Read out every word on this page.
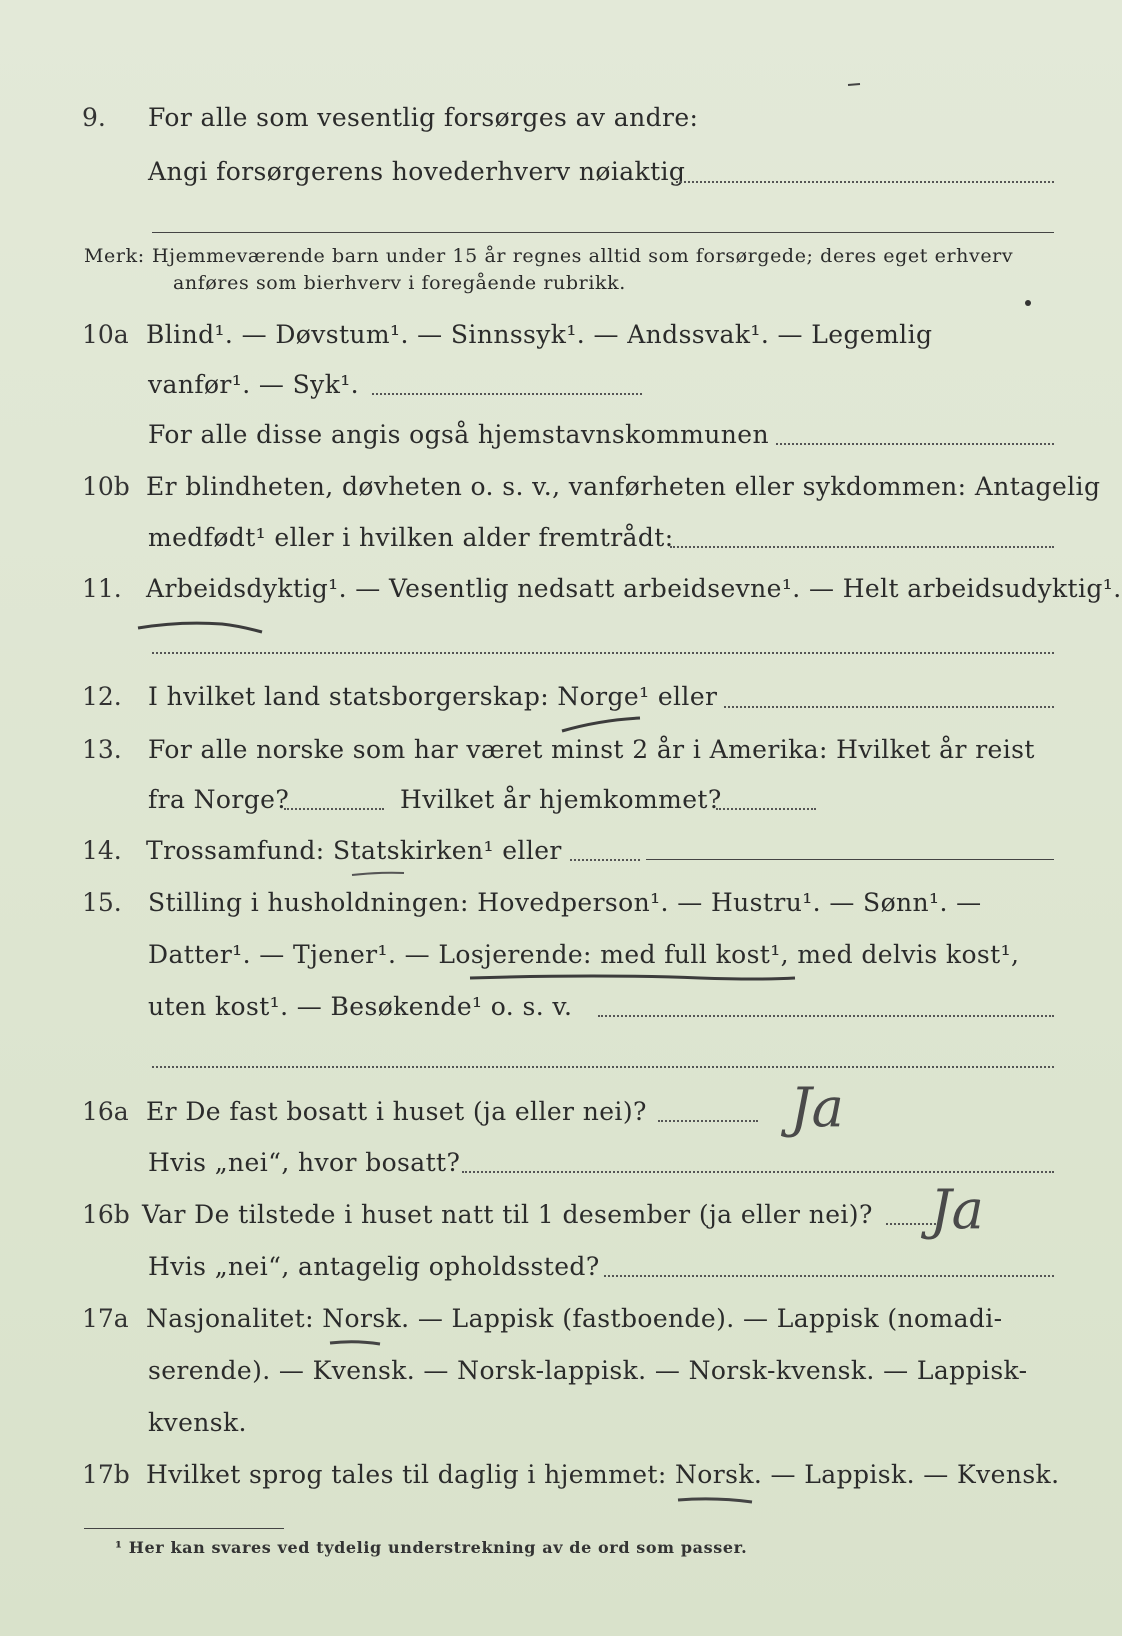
9. For alle som vesentlig forsørges av andre:
Angi forsørgerens hovederhverv nøiaktig
Merk: Hjemmeværende barn under 15 år regnes alltid som forsørgede; deres eget erhverv
anføres som bierhverv i foregående rubrikk.
10a Blind¹. — Døvstum¹. — Sinnssyk¹. — Andssvak¹. — Legemlig
vanfør¹. — Syk¹.
For alle disse angis også hjemstavnskommunen
10b Er blindheten, døvheten o. s. v., vanførheten eller sykdommen: Antagelig
medfødt¹ eller i hvilken alder fremtrådt:
11. Arbeidsdyktig¹. — Vesentlig nedsatt arbeidsevne¹. — Helt arbeidsudyktig¹.
12. I hvilket land statsborgerskap: Norge¹ eller
13. For alle norske som har været minst 2 år i Amerika: Hvilket år reist
fra Norge?	Hvilket år hjemkommet?
14. Trossamfund: Statskirken¹ eller
15. Stilling i husholdningen: Hovedperson¹. — Hustru¹. — Sønn¹. —
Datter¹. — Tjener¹. — Losjerende: med full kost¹, med delvis kost¹,
uten kost¹. — Besøkende¹ o. s. v.
16a Er De fast bosatt i huset (ja eller nei)?	Ja
Hvis „nei“, hvor bosatt?
16b Var De tilstede i huset natt til 1 desember (ja eller nei)? Ja
Hvis „nei“, antagelig opholdssted?
17a Nasjonalitet: Norsk. — Lappisk (fastboende). — Lappisk (nomadi-
serende). — Kvensk. — Norsk-lappisk. — Norsk-kvensk. — Lappisk-
kvensk.
17b Hvilket sprog tales til daglig i hjemmet: Norsk. — Lappisk. — Kvensk.
¹ Her kan svares ved tydelig understrekning av de ord som passer.
